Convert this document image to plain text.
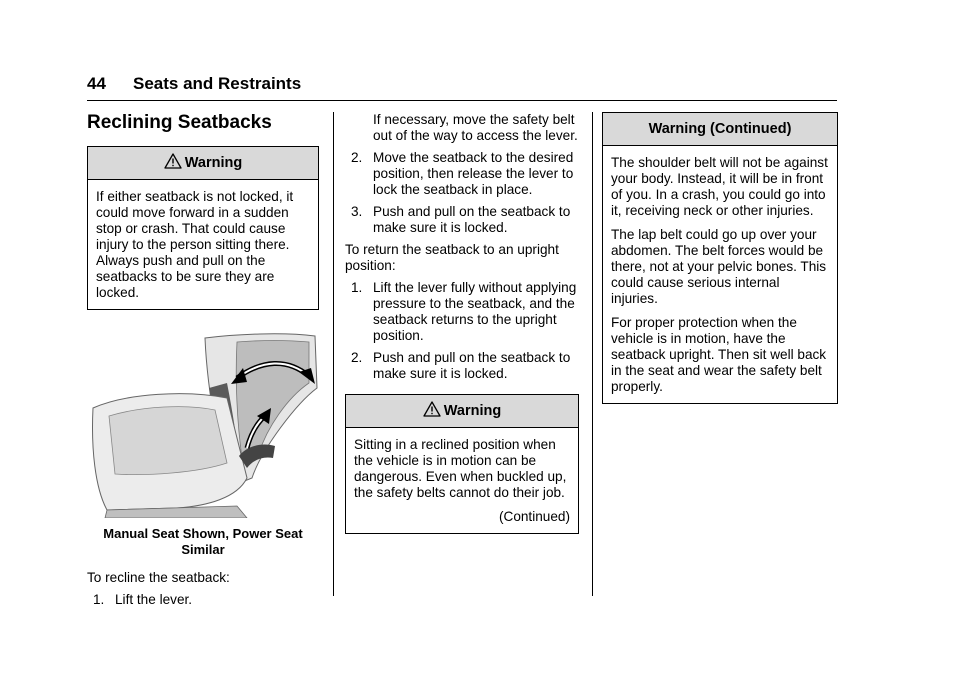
44 Seats and Restraints
Reclining Seatbacks
Warning

If either seatback is not locked, it could move forward in a sudden stop or crash. That could cause injury to the person sitting there. Always push and pull on the seatbacks to be sure they are locked.

Manual Seat Shown, Power Seat Similar
To recline the seatback:
1. Lift the lever.
If necessary, move the safety belt out of the way to access the lever.
2. Move the seatback to the desired position, then release the lever to lock the seatback in place.
3. Push and pull on the seatback to make sure it is locked.
To return the seatback to an upright position:
1. Lift the lever fully without applying pressure to the seatback, and the seatback returns to the upright position.
2. Push and pull on the seatback to make sure it is locked.
Warning

Sitting in a reclined position when the vehicle is in motion can be dangerous. Even when buckled up, the safety belts cannot do their job.

(Continued)
Warning (Continued)

The shoulder belt will not be against your body. Instead, it will be in front of you. In a crash, you could go into it, receiving neck or other injuries.

The lap belt could go up over your abdomen. The belt forces would be there, not at your pelvic bones. This could cause serious internal injuries.

For proper protection when the vehicle is in motion, have the seatback upright. Then sit well back in the seat and wear the safety belt properly.
